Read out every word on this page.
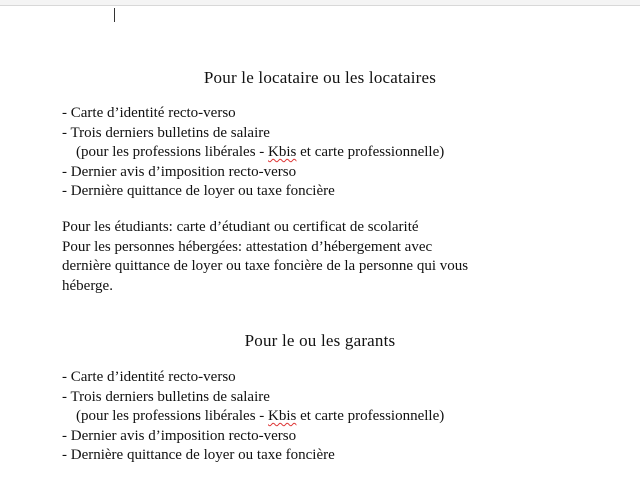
Pour le locataire ou les locataires
- Carte d’identité recto-verso
- Trois derniers bulletins de salaire
(pour les professions libérales - Kbis et carte professionnelle)
- Dernier avis d’imposition recto-verso
- Dernière quittance de loyer ou taxe foncière
Pour les étudiants: carte d’étudiant ou certificat de scolarité
Pour les personnes hébergées: attestation d’hébergement avec
dernière quittance de loyer ou taxe foncière de la personne qui vous
héberge.
Pour le ou les garants
- Carte d’identité recto-verso
- Trois derniers bulletins de salaire
(pour les professions libérales - Kbis et carte professionnelle)
- Dernier avis d’imposition recto-verso
- Dernière quittance de loyer ou taxe foncière
